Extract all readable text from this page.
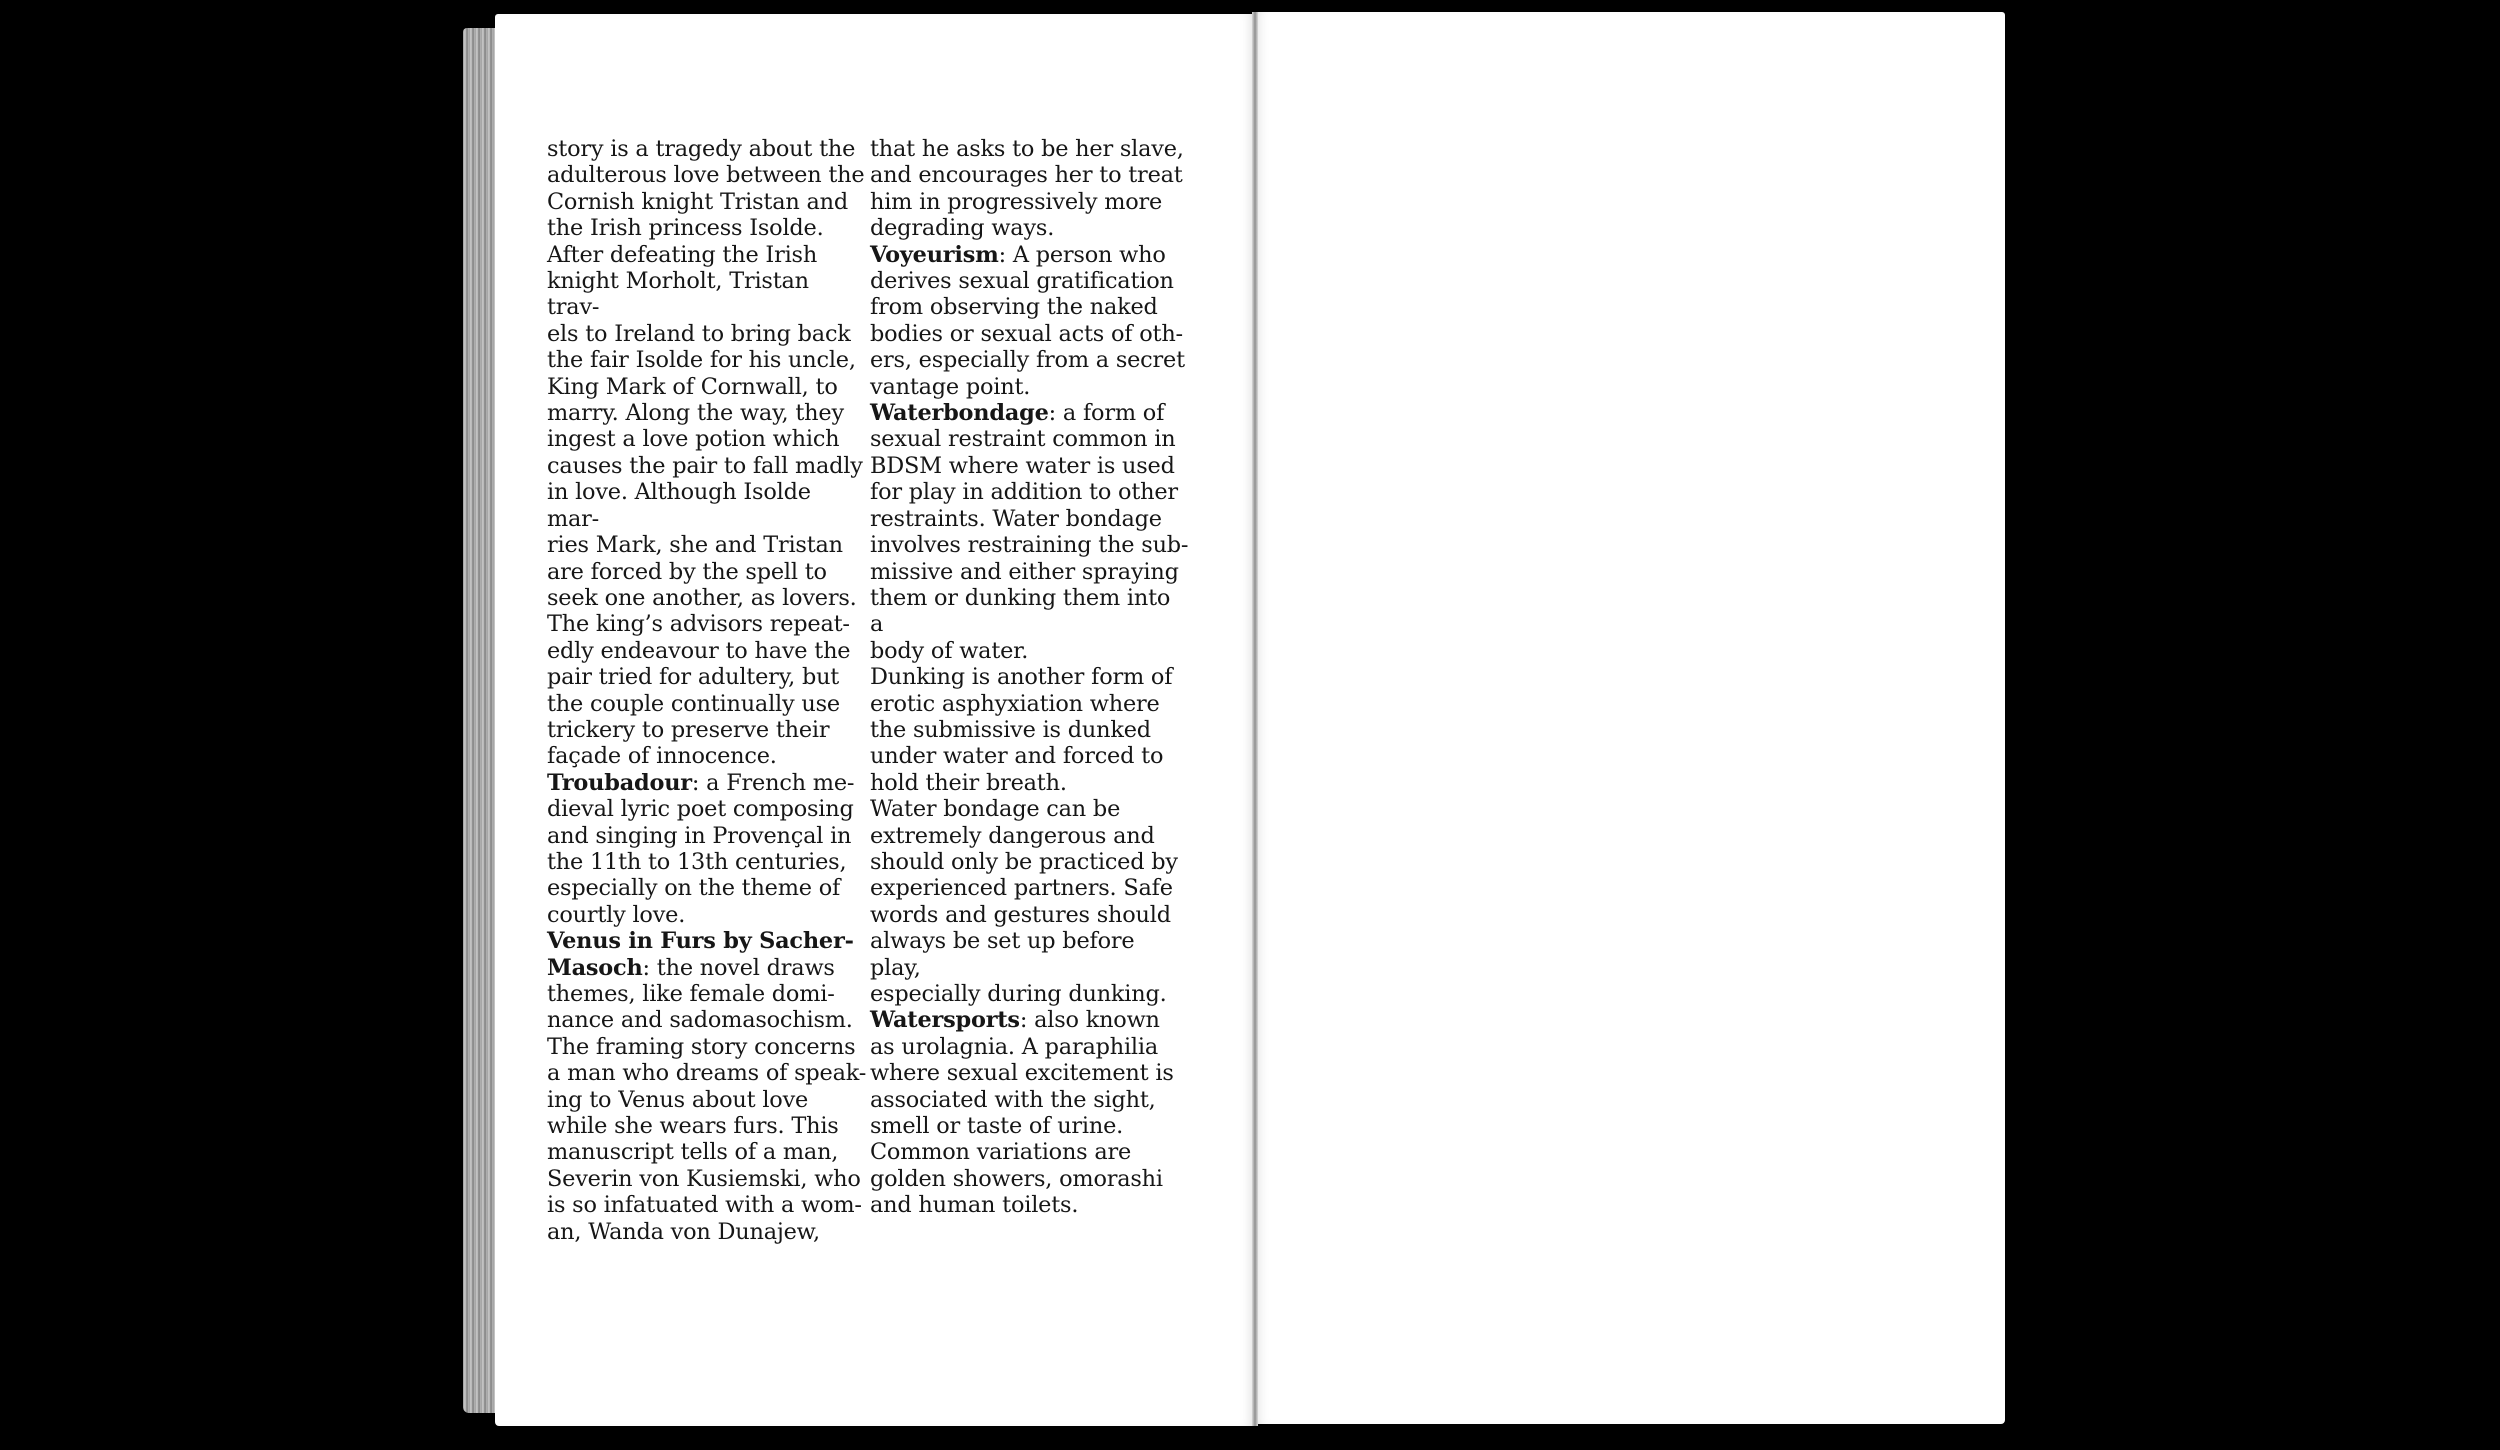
story is a tragedy about the
adulterous love between the
Cornish knight Tristan and
the Irish princess Isolde.
After defeating the Irish
knight Morholt, Tristan trav-
els to Ireland to bring back
the fair Isolde for his uncle,
King Mark of Cornwall, to
marry. Along the way, they
ingest a love potion which
causes the pair to fall madly
in love. Although Isolde mar-
ries Mark, she and Tristan
are forced by the spell to
seek one another, as lovers.
The king’s advisors repeat-
edly endeavour to have the
pair tried for adultery, but
the couple continually use
trickery to preserve their
façade of innocence.

Troubadour: a French me-
dieval lyric poet composing
and singing in Provençal in
the 11th to 13th centuries,
especially on the theme of
courtly love.

Venus in Furs by Sacher-
Masoch: the novel draws
themes, like female domi-
nance and sadomasochism.
The framing story concerns
a man who dreams of speak-
ing to Venus about love
while she wears furs. This
manuscript tells of a man,
Severin von Kusiemski, who
is so infatuated with a wom-
an, Wanda von Dunajew,

that he asks to be her slave,
and encourages her to treat
him in progressively more
degrading ways.

Voyeurism: A person who
derives sexual gratification
from observing the naked
bodies or sexual acts of oth-
ers, especially from a secret
vantage point.

Waterbondage: a form of
sexual restraint common in
BDSM where water is used
for play in addition to other
restraints. Water bondage
involves restraining the sub-
missive and either spraying
them or dunking them into a
body of water.

Dunking is another form of
erotic asphyxiation where
the submissive is dunked
under water and forced to
hold their breath.

Water bondage can be
extremely dangerous and
should only be practiced by
experienced partners. Safe
words and gestures should
always be set up before play,
especially during dunking.

Watersports: also known
as urolagnia. A paraphilia
where sexual excitement is
associated with the sight,
smell or taste of urine.
Common variations are
golden showers, omorashi
and human toilets.
